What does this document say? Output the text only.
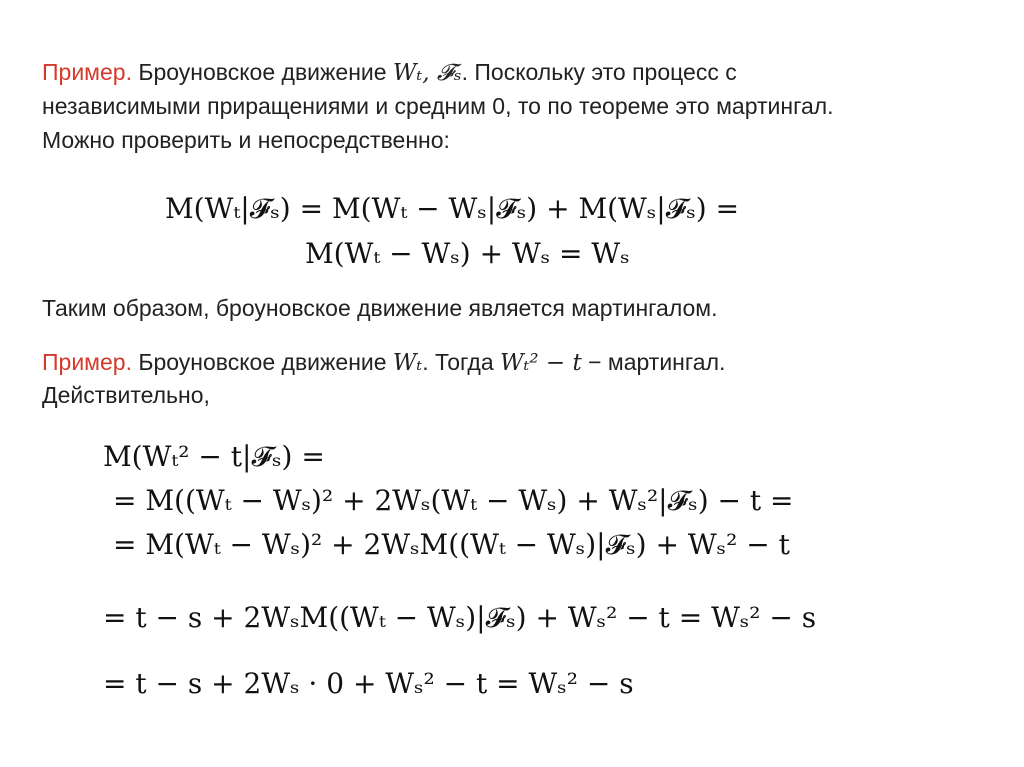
Пример. Броуновское движение Wₜ, 𝓕ₛ. Поскольку это процесс с
независимыми приращениями и средним 0, то по теореме это мартингал.
Можно проверить и непосредственно:
M(Wₜ|𝓕ₛ) = M(Wₜ − Wₛ|𝓕ₛ) + M(Wₛ|𝓕ₛ) =
M(Wₜ − Wₛ) + Wₛ = Wₛ
Таким образом, броуновское движение является мартингалом.
Пример. Броуновское движение Wₜ. Тогда Wₜ² − t − мартингал.
Действительно,
M(Wₜ² − t|𝓕ₛ) =
= M((Wₜ − Wₛ)² + 2Wₛ(Wₜ − Wₛ) + Wₛ²|𝓕ₛ) − t =
= M(Wₜ − Wₛ)² + 2WₛM((Wₜ − Wₛ)|𝓕ₛ) + Wₛ² − t
= t − s + 2WₛM((Wₜ − Wₛ)|𝓕ₛ) + Wₛ² − t = Wₛ² − s
= t − s + 2Wₛ · 0 + Wₛ² − t = Wₛ² − s
